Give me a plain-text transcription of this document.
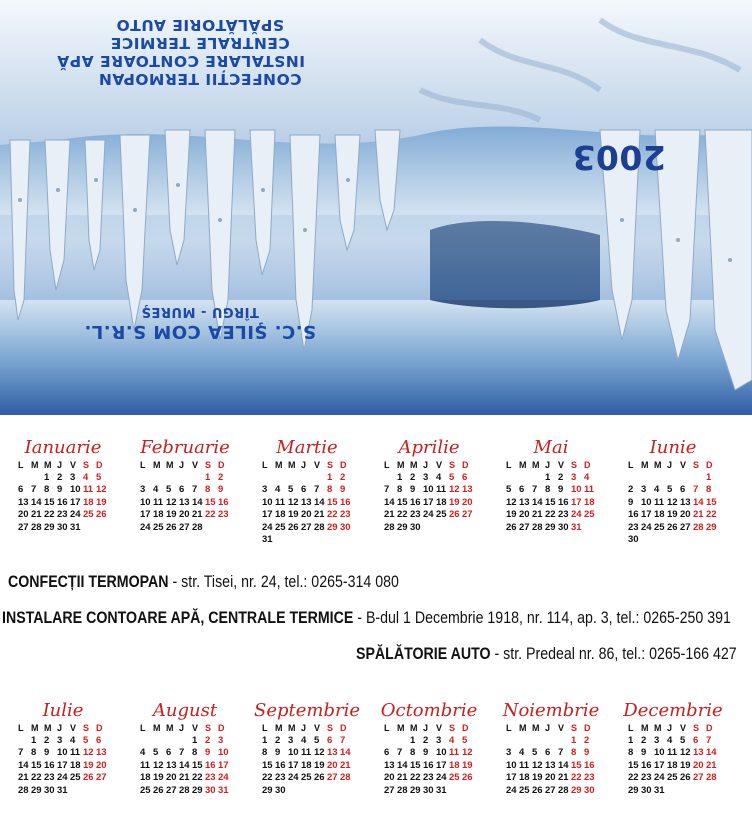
2003
CONFECȚII TERMOPAN
INSTALARE CONTOARE APĂ
CENTRALE TERMICE
SPĂLĂTORIE AUTO
S.C. ŞILEA COM S.R.L.
TÎRGU - MUREŞ
Ianuarie
L M M J V S D
1 2 3 4 5
6 7 8 9 10 11 12
13 14 15 16 17 18 19
20 21 22 23 24 25 26
27 28 29 30 31
Februarie
L M M J V S D
1 2
3 4 5 6 7 8 9
10 11 12 13 14 15 16
17 18 19 20 21 22 23
24 25 26 27 28
Martie
L M M J V S D
1 2
3 4 5 6 7 8 9
10 11 12 13 14 15 16
17 18 19 20 21 22 23
24 25 26 27 28 29 30
31
Aprilie
L M M J V S D
1 2 3 4 5 6
7 8 9 10 11 12 13
14 15 16 17 18 19 20
21 22 23 24 25 26 27
28 29 30
Mai
L M M J V S D
1 2 3 4
5 6 7 8 9 10 11
12 13 14 15 16 17 18
19 20 21 22 23 24 25
26 27 28 29 30 31
Iunie
L M M J V S D
1
2 3 4 5 6 7 8
9 10 11 12 13 14 15
16 17 18 19 20 21 22
23 24 25 26 27 28 29
30
CONFECȚII TERMOPAN - str. Tisei, nr. 24, tel.: 0265-314 080
INSTALARE CONTOARE APĂ, CENTRALE TERMICE - B-dul 1 Decembrie 1918, nr. 114, ap. 3, tel.: 0265-250 391
SPĂLĂTORIE AUTO - str. Predeal nr. 86, tel.: 0265-166 427
Iulie
L M M J V S D
1 2 3 4 5 6
7 8 9 10 11 12 13
14 15 16 17 18 19 20
21 22 23 24 25 26 27
28 29 30 31
August
L M M J V S D
1 2 3
4 5 6 7 8 9 10
11 12 13 14 15 16 17
18 19 20 21 22 23 24
25 26 27 28 29 30 31
Septembrie
L M M J V S D
1 2 3 4 5 6 7
8 9 10 11 12 13 14
15 16 17 18 19 20 21
22 23 24 25 26 27 28
29 30
Octombrie
L M M J V S D
1 2 3 4 5
6 7 8 9 10 11 12
13 14 15 16 17 18 19
20 21 22 23 24 25 26
27 28 29 30 31
Noiembrie
L M M J V S D
1 2
3 4 5 6 7 8 9
10 11 12 13 14 15 16
17 18 19 20 21 22 23
24 25 26 27 28 29 30
Decembrie
L M M J V S D
1 2 3 4 5 6 7
8 9 10 11 12 13 14
15 16 17 18 19 20 21
22 23 24 25 26 27 28
29 30 31
